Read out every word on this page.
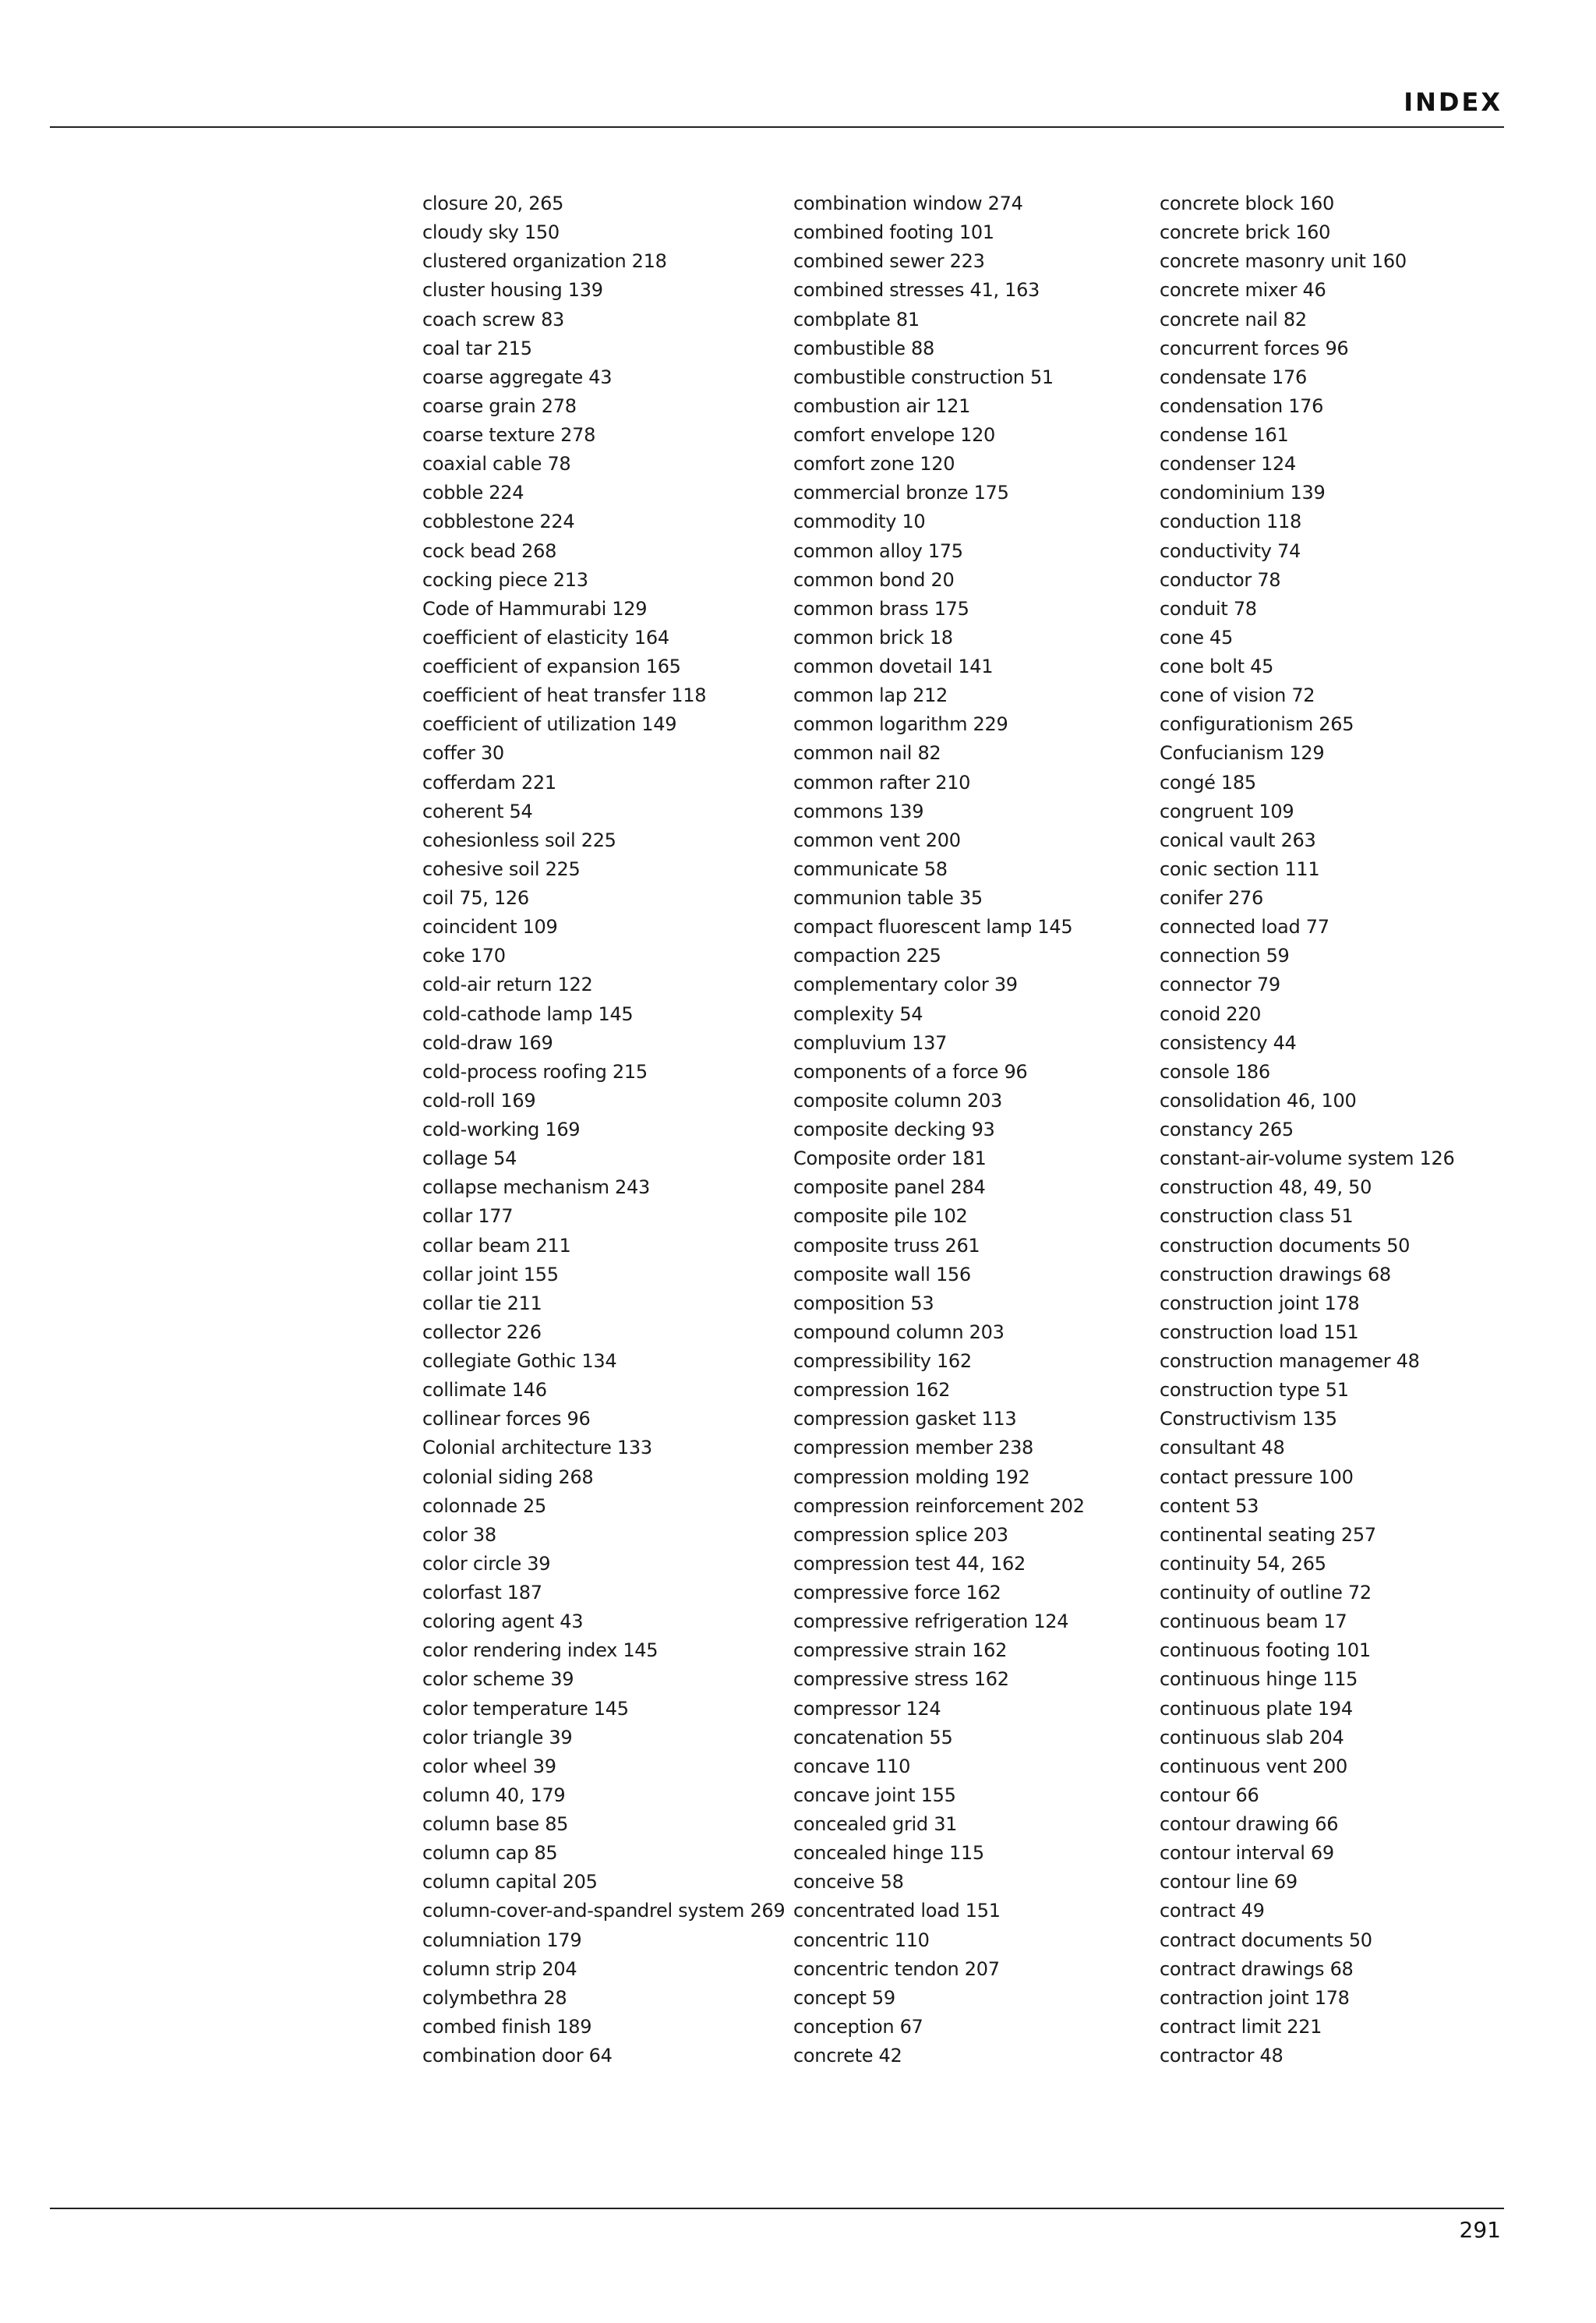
INDEX
closure 20, 265
cloudy sky 150
clustered organization 218
cluster housing 139
coach screw 83
coal tar 215
coarse aggregate 43
coarse grain 278
coarse texture 278
coaxial cable 78
cobble 224
cobblestone 224
cock bead 268
cocking piece 213
Code of Hammurabi 129
coefficient of elasticity 164
coefficient of expansion 165
coefficient of heat transfer 118
coefficient of utilization 149
coffer 30
cofferdam 221
coherent 54
cohesionless soil 225
cohesive soil 225
coil 75, 126
coincident 109
coke 170
cold-air return 122
cold-cathode lamp 145
cold-draw 169
cold-process roofing 215
cold-roll 169
cold-working 169
collage 54
collapse mechanism 243
collar 177
collar beam 211
collar joint 155
collar tie 211
collector 226
collegiate Gothic 134
collimate 146
collinear forces 96
Colonial architecture 133
colonial siding 268
colonnade 25
color 38
color circle 39
colorfast 187
coloring agent 43
color rendering index 145
color scheme 39
color temperature 145
color triangle 39
color wheel 39
column 40, 179
column base 85
column cap 85
column capital 205
column-cover-and-spandrel system 269
columniation 179
column strip 204
colymbethra 28
combed finish 189
combination door 64
combination window 274
combined footing 101
combined sewer 223
combined stresses 41, 163
combplate 81
combustible 88
combustible construction 51
combustion air 121
comfort envelope 120
comfort zone 120
commercial bronze 175
commodity 10
common alloy 175
common bond 20
common brass 175
common brick 18
common dovetail 141
common lap 212
common logarithm 229
common nail 82
common rafter 210
commons 139
common vent 200
communicate 58
communion table 35
compact fluorescent lamp 145
compaction 225
complementary color 39
complexity 54
compluvium 137
components of a force 96
composite column 203
composite decking 93
Composite order 181
composite panel 284
composite pile 102
composite truss 261
composite wall 156
composition 53
compound column 203
compressibility 162
compression 162
compression gasket 113
compression member 238
compression molding 192
compression reinforcement 202
compression splice 203
compression test 44, 162
compressive force 162
compressive refrigeration 124
compressive strain 162
compressive stress 162
compressor 124
concatenation 55
concave 110
concave joint 155
concealed grid 31
concealed hinge 115
conceive 58
concentrated load 151
concentric 110
concentric tendon 207
concept 59
conception 67
concrete 42
concrete block 160
concrete brick 160
concrete masonry unit 160
concrete mixer 46
concrete nail 82
concurrent forces 96
condensate 176
condensation 176
condense 161
condenser 124
condominium 139
conduction 118
conductivity 74
conductor 78
conduit 78
cone 45
cone bolt 45
cone of vision 72
configurationism 265
Confucianism 129
congé 185
congruent 109
conical vault 263
conic section 111
conifer 276
connected load 77
connection 59
connector 79
conoid 220
consistency 44
console 186
consolidation 46, 100
constancy 265
constant-air-volume system 126
construction 48, 49, 50
construction class 51
construction documents 50
construction drawings 68
construction joint 178
construction load 151
construction managemer 48
construction type 51
Constructivism 135
consultant 48
contact pressure 100
content 53
continental seating 257
continuity 54, 265
continuity of outline 72
continuous beam 17
continuous footing 101
continuous hinge 115
continuous plate 194
continuous slab 204
continuous vent 200
contour 66
contour drawing 66
contour interval 69
contour line 69
contract 49
contract documents 50
contract drawings 68
contraction joint 178
contract limit 221
contractor 48
291
